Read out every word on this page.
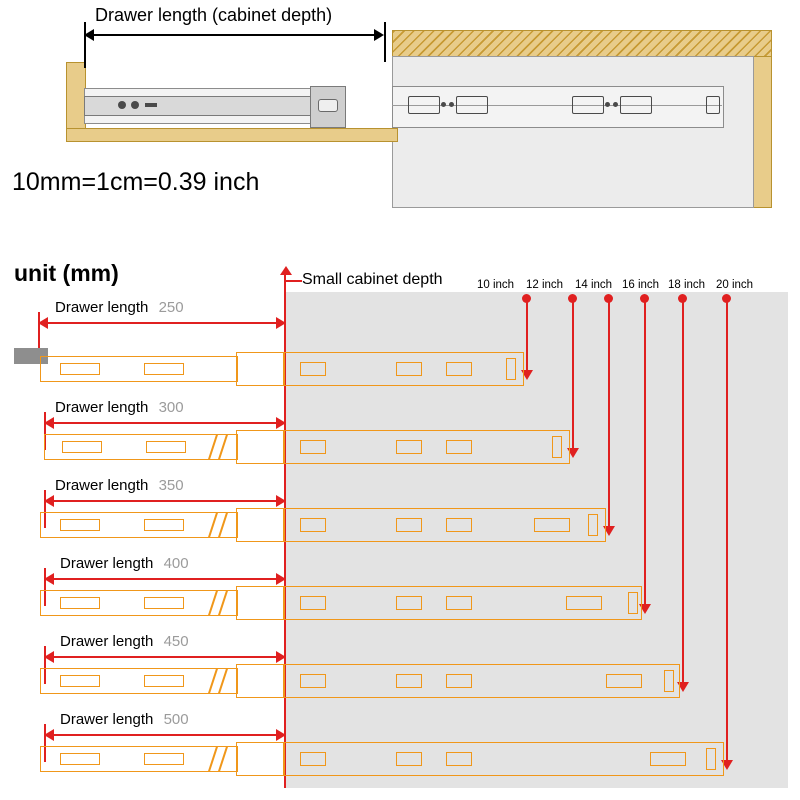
Drawer length (cabinet depth)
10mm=1cm=0.39 inch
unit (mm)	Small cabinet depth	10 inch 12 inch 14 inch 16 inch 18 inch 20 inch
Drawer length 250
Drawer length 300
Drawer length 350
Drawer length 400
Drawer length 450
Drawer length 500
